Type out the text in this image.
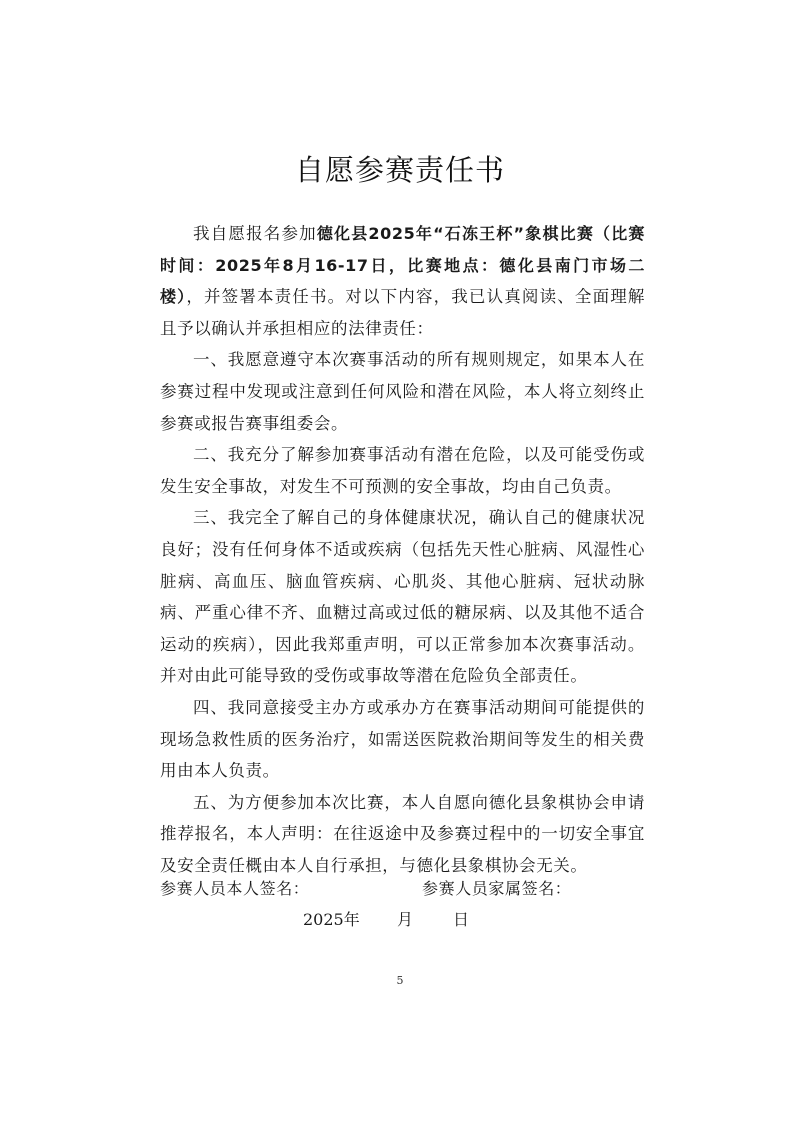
自愿参赛责任书

我自愿报名参加德化县2025年“石冻王杯”象棋比赛（比赛时间：2025年8月16-17日，比赛地点：德化县南门市场二楼），并签署本责任书。对以下内容，我已认真阅读、全面理解且予以确认并承担相应的法律责任：

一、我愿意遵守本次赛事活动的所有规则规定，如果本人在参赛过程中发现或注意到任何风险和潜在风险，本人将立刻终止参赛或报告赛事组委会。

二、我充分了解参加赛事活动有潜在危险，以及可能受伤或发生安全事故，对发生不可预测的安全事故，均由自己负责。

三、我完全了解自己的身体健康状况，确认自己的健康状况良好；没有任何身体不适或疾病（包括先天性心脏病、风湿性心脏病、高血压、脑血管疾病、心肌炎、其他心脏病、冠状动脉病、严重心律不齐、血糖过高或过低的糖尿病、以及其他不适合运动的疾病），因此我郑重声明，可以正常参加本次赛事活动。并对由此可能导致的受伤或事故等潜在危险负全部责任。

四、我同意接受主办方或承办方在赛事活动期间可能提供的现场急救性质的医务治疗，如需送医院救治期间等发生的相关费用由本人负责。

五、为方便参加本次比赛，本人自愿向德化县象棋协会申请推荐报名，本人声明：在往返途中及参赛过程中的一切安全事宜及安全责任概由本人自行承担，与德化县象棋协会无关。

参赛人员本人签名：	参赛人员家属签名：
2025年 月 日
5
